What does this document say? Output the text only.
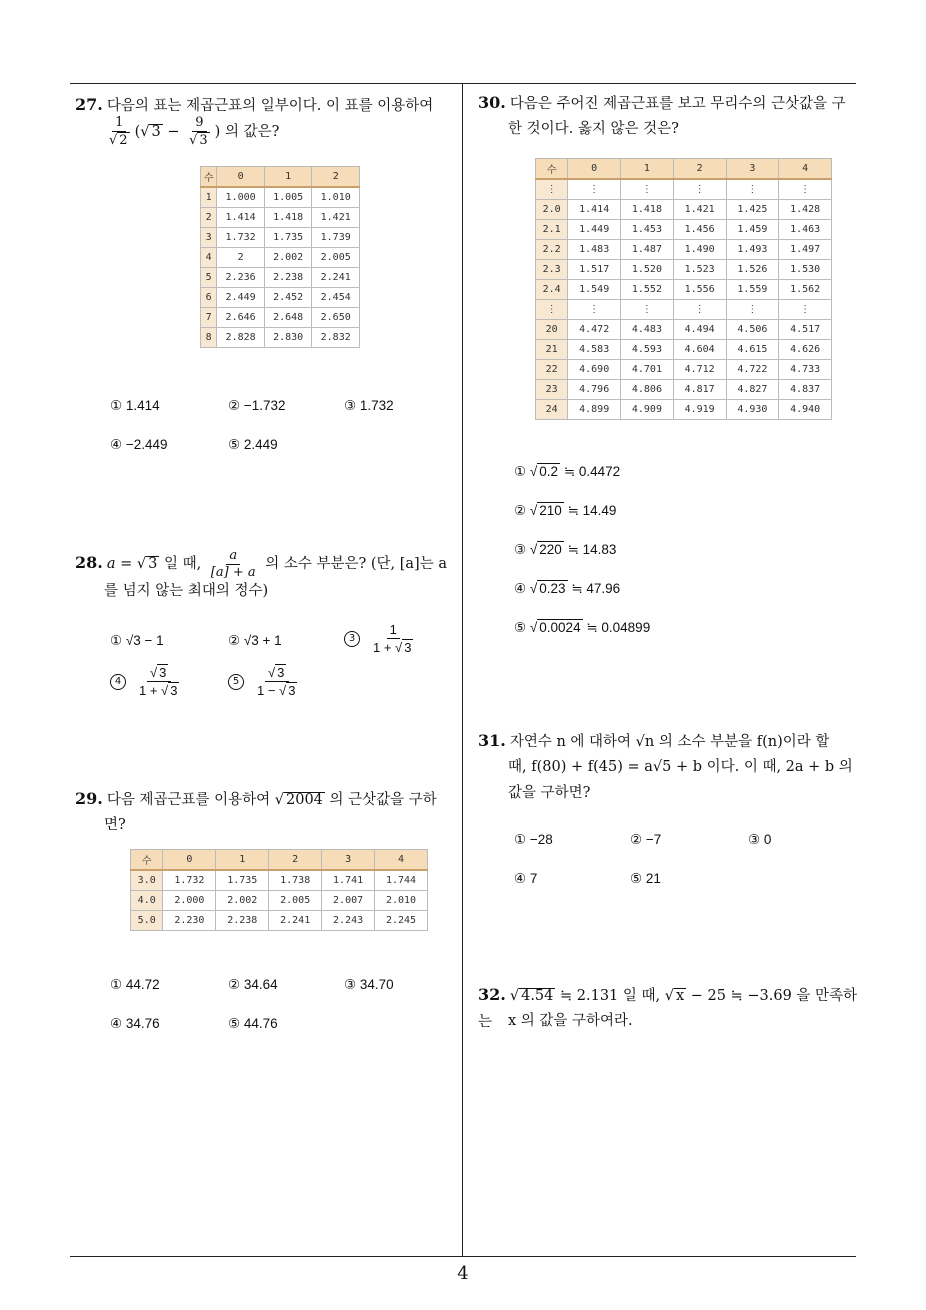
27. 다음의 표는 제곱근표의 일부이다. 이 표를 이용하여
$\frac{1}{√ 2}$ (√ $3 - \frac{9}{√ 3}$ ) 의 값은?
수	0	1	2
1	1.000	1.005	1.010
2	1.414	1.418	1.421
3	1.732	1.735	1.739
4	2	2.002	2.005
5	2.236	2.238	2.241
6	2.449	2.452	2.454
7	2.646	2.648	2.650
8	2.828	2.830	2.832
① 1.414	② −1.732	③ 1.732
④ −2.449	⑤ 2.449
28. a = √ 3 일 때, $\frac{a}{[a] + a}$ 의 소수 부분은? (단, [a]는 a
를 넘지 않는 최대의 정수)
① √3 − 1	② √3 + 1	$3 \frac{1}{1 + √ 3}$
$4 \frac{√ 3}{1 + √ 3}$	$5 \frac{√ 3}{1 - √ 3}$
29. 다음 제곱근표를 이용하여 √ 2004 의 근삿값을 구하
면?
수	0	1	2	3	4
3.0	1.732	1.735	1.738	1.741	1.744
4.0	2.000	2.002	2.005	2.007	2.010
5.0	2.230	2.238	2.241	2.243	2.245
① 44.72	② 34.64	③ 34.70
④ 34.76	⑤ 44.76
30. 다음은 주어진 제곱근표를 보고 무리수의 근삿값을 구
한 것이다. 옳지 않은 것은?
수	0	1	2	3	4
⋮	⋮	⋮	⋮	⋮	⋮
2.0	1.414	1.418	1.421	1.425	1.428
2.1	1.449	1.453	1.456	1.459	1.463
2.2	1.483	1.487	1.490	1.493	1.497
2.3	1.517	1.520	1.523	1.526	1.530
2.4	1.549	1.552	1.556	1.559	1.562
⋮	⋮	⋮	⋮	⋮	⋮
20	4.472	4.483	4.494	4.506	4.517
21	4.583	4.593	4.604	4.615	4.626
22	4.690	4.701	4.712	4.722	4.733
23	4.796	4.806	4.817	4.827	4.837
24	4.899	4.909	4.919	4.930	4.940
① √ 0.2 ≒ 0.4472
② √ 210 ≒ 14.49
③ √ 220 ≒ 14.83
④ √ 0.23 ≒ 47.96
⑤ √ 0.0024 ≒ 0.04899
31. 자연수 n 에 대하여 √n 의 소수 부분을 f(n)이라 할
때, f(80) + f(45) = a√5 + b 이다. 이 때, 2a + b 의
값을 구하면?
① −28	② −7	③ 0
④ 7	⑤ 21
32. √ 4.54 ≒ 2.131 일 때, √ x − 25 ≒ −3.69 을 만족하는	x 의 값을 구하여라.
4
